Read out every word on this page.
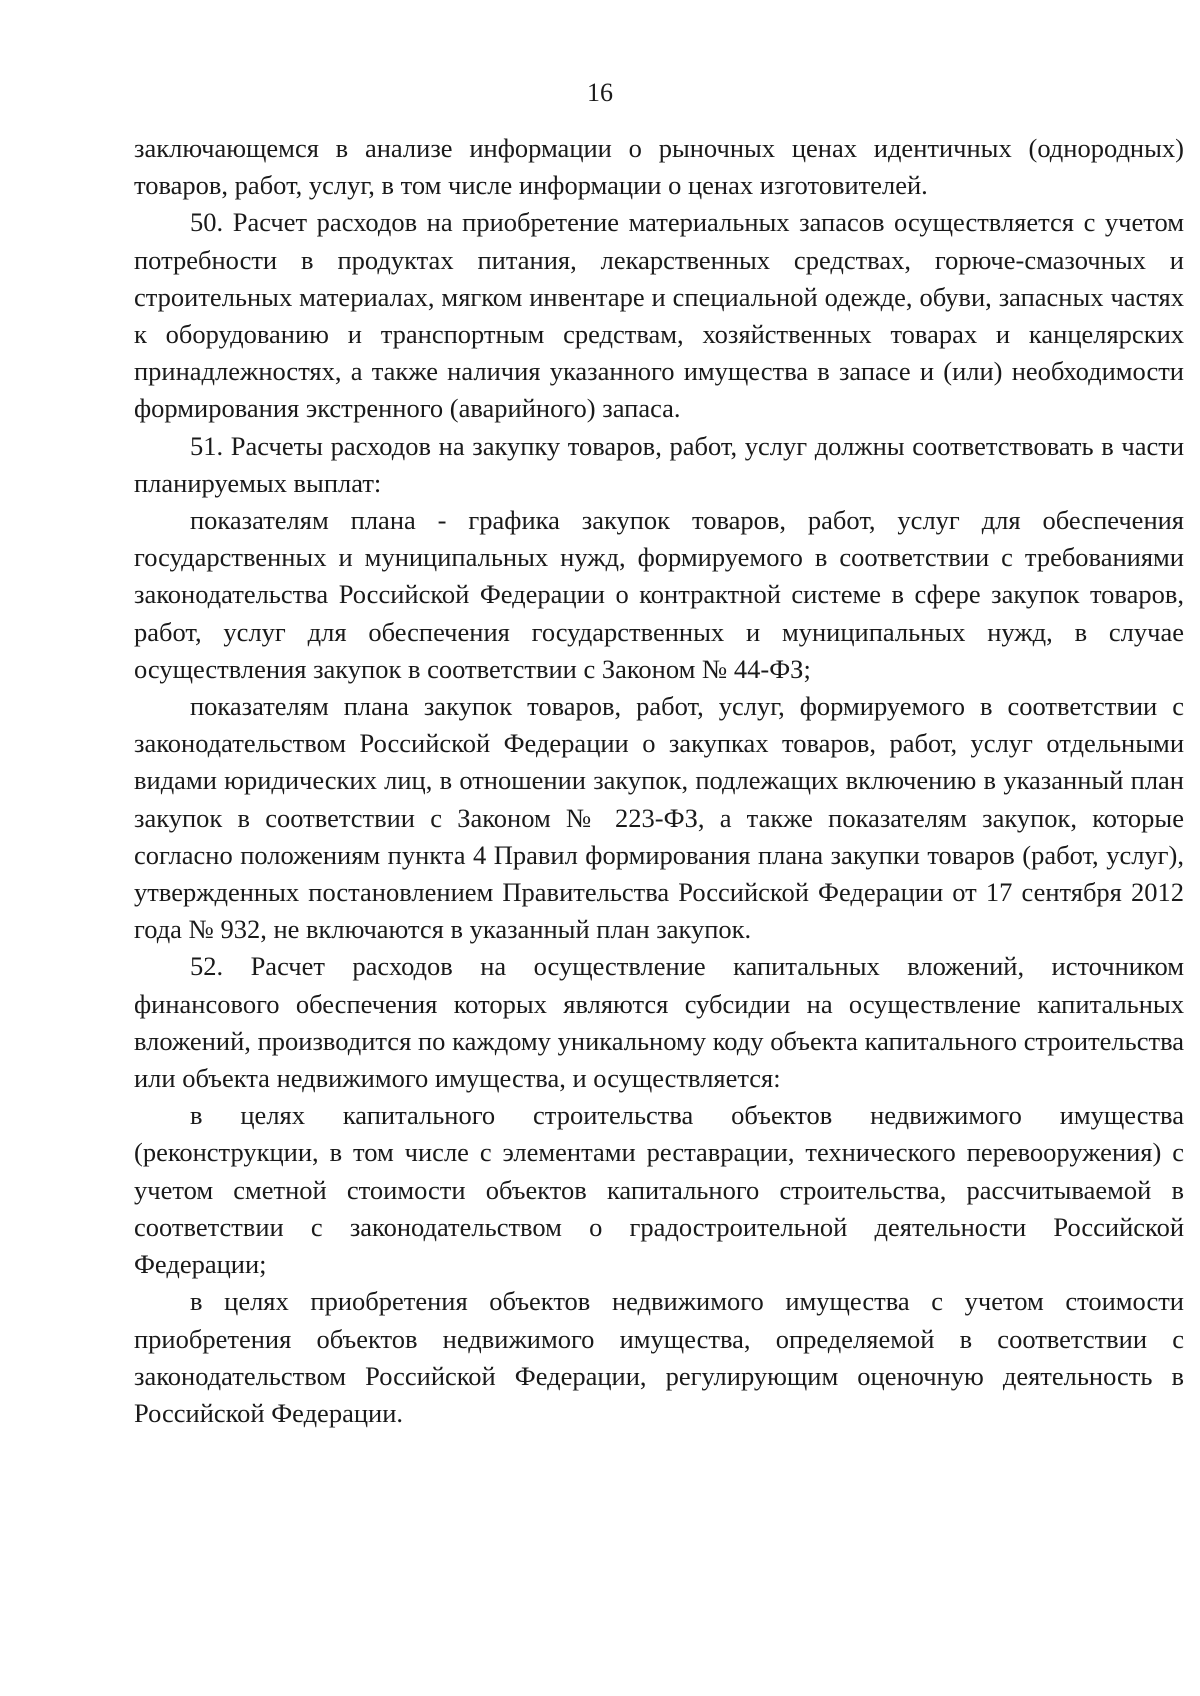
16

заключающемся в анализе информации о рыночных ценах идентичных (однородных) товаров, работ, услуг, в том числе информации о ценах изготовителей.

50. Расчет расходов на приобретение материальных запасов осуществляется с учетом потребности в продуктах питания, лекарственных средствах, горюче-смазочных и строительных материалах, мягком инвентаре и специальной одежде, обуви, запасных частях к оборудованию и транспортным средствам, хозяйственных товарах и канцелярских принадлежностях, а также наличия указанного имущества в запасе и (или) необходимости формирования экстренного (аварийного) запаса.

51. Расчеты расходов на закупку товаров, работ, услуг должны соответствовать в части планируемых выплат:

показателям плана - графика закупок товаров, работ, услуг для обеспечения государственных и муниципальных нужд, формируемого в соответствии с требованиями законодательства Российской Федерации о контрактной системе в сфере закупок товаров, работ, услуг для обеспечения государственных и муниципальных нужд, в случае осуществления закупок в соответствии с Законом № 44-ФЗ;

показателям плана закупок товаров, работ, услуг, формируемого в соответствии с законодательством Российской Федерации о закупках товаров, работ, услуг отдельными видами юридических лиц, в отношении закупок, подлежащих включению в указанный план закупок в соответствии с Законом № 223-ФЗ, а также показателям закупок, которые согласно положениям пункта 4 Правил формирования плана закупки товаров (работ, услуг), утвержденных постановлением Правительства Российской Федерации от 17 сентября 2012 года № 932, не включаются в указанный план закупок.

52. Расчет расходов на осуществление капитальных вложений, источником финансового обеспечения которых являются субсидии на осуществление капитальных вложений, производится по каждому уникальному коду объекта капитального строительства или объекта недвижимого имущества, и осуществляется:

в целях капитального строительства объектов недвижимого имущества (реконструкции, в том числе с элементами реставрации, технического перевооружения) с учетом сметной стоимости объектов капитального строительства, рассчитываемой в соответствии с законодательством о градостроительной деятельности Российской Федерации;

в целях приобретения объектов недвижимого имущества с учетом стоимости приобретения объектов недвижимого имущества, определяемой в соответствии с законодательством Российской Федерации, регулирующим оценочную деятельность в Российской Федерации.
